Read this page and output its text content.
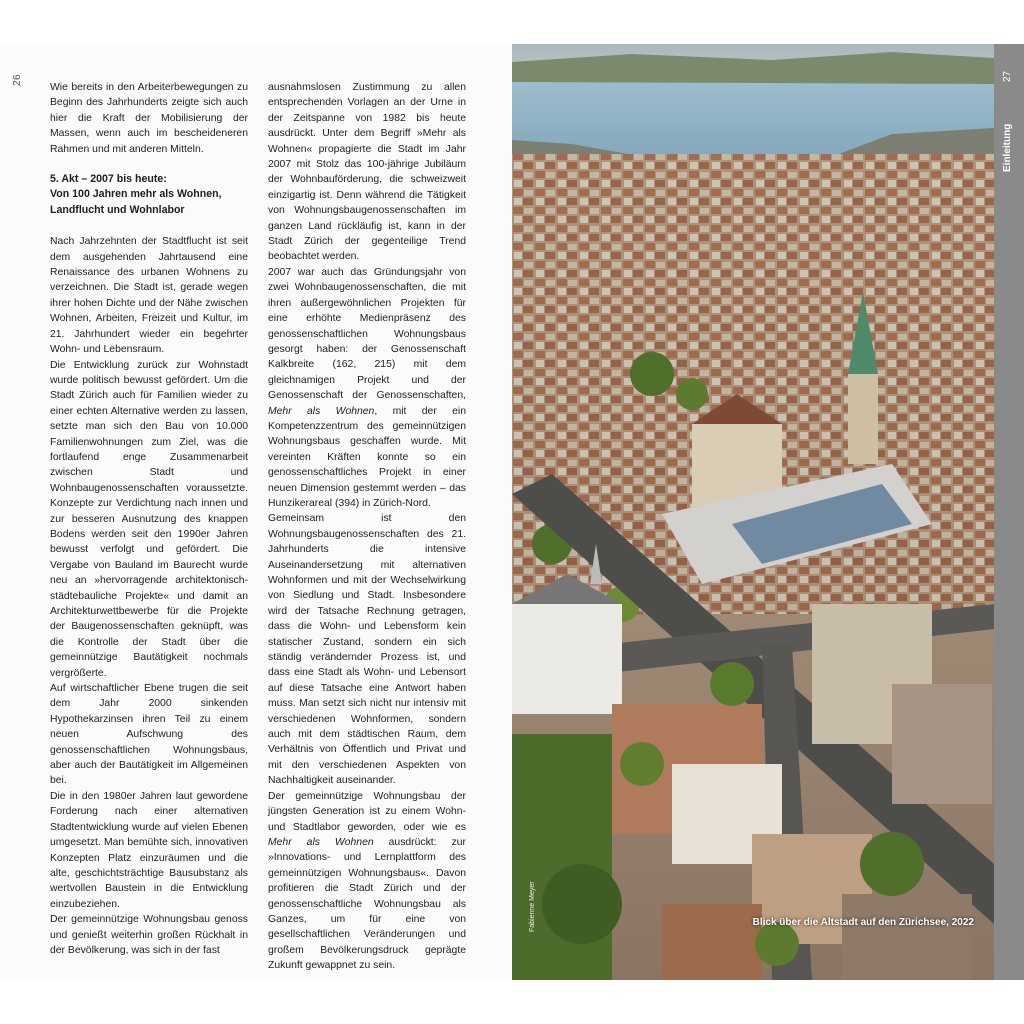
26

Wie bereits in den Arbeiterbewegungen zu Beginn des Jahrhunderts zeigte sich auch hier die Kraft der Mobilisierung der Massen, wenn auch im bescheideneren Rahmen und mit anderen Mitteln.

5. Akt – 2007 bis heute:
Von 100 Jahren mehr als Wohnen,
Landflucht und Wohnlabor

Nach Jahrzehnten der Stadtflucht ist seit dem ausgehenden Jahrtausend eine Renaissance des urbanen Wohnens zu verzeichnen. Die Stadt ist, gerade wegen ihrer hohen Dichte und der Nähe zwischen Wohnen, Arbeiten, Freizeit und Kultur, im 21. Jahrhundert wieder ein begehrter Wohn- und Lebensraum.

Die Entwicklung zurück zur Wohnstadt wurde politisch bewusst gefördert. Um die Stadt Zürich auch für Familien wieder zu einer echten Alternative werden zu lassen, setzte man sich den Bau von 10.000 Familienwohnungen zum Ziel, was die fortlaufend enge Zusammenarbeit zwischen Stadt und Wohnbaugenossenschaften voraussetzte. Konzepte zur Verdichtung nach innen und zur besseren Ausnutzung des knappen Bodens werden seit den 1990er Jahren bewusst verfolgt und gefördert. Die Vergabe von Bauland im Baurecht wurde neu an »hervorragende architektonisch-städtebauliche Projekte« und damit an Architekturwettbewerbe für die Projekte der Baugenossenschaften geknüpft, was die Kontrolle der Stadt über die gemeinnützige Bautätigkeit nochmals vergrößerte.

Auf wirtschaftlicher Ebene trugen die seit dem Jahr 2000 sinkenden Hypothekarzinsen ihren Teil zu einem neuen Aufschwung des genossenschaftlichen Wohnungsbaus, aber auch der Bautätigkeit im Allgemeinen bei.

Die in den 1980er Jahren laut gewordene Forderung nach einer alternativen Stadtentwicklung wurde auf vielen Ebenen umgesetzt. Man bemühte sich, innovativen Konzepten Platz einzuräumen und die alte, geschichtsträchtige Bausubstanz als wertvollen Baustein in die Entwicklung einzubeziehen.

Der gemeinnützige Wohnungsbau genoss und genießt weiterhin großen Rückhalt in der Bevölkerung, was sich in der fast

ausnahmslosen Zustimmung zu allen entsprechenden Vorlagen an der Urne in der Zeitspanne von 1982 bis heute ausdrückt. Unter dem Begriff »Mehr als Wohnen« propagierte die Stadt im Jahr 2007 mit Stolz das 100-jährige Jubiläum der Wohnbauförderung, die schweizweit einzigartig ist. Denn während die Tätigkeit von Wohnungsbaugenossenschaften im ganzen Land rückläufig ist, kann in der Stadt Zürich der gegenteilige Trend beobachtet werden.

2007 war auch das Gründungsjahr von zwei Wohnbaugenossenschaften, die mit ihren außergewöhnlichen Projekten für eine erhöhte Medienpräsenz des genossenschaftlichen Wohnungsbaus gesorgt haben: der Genossenschaft Kalkbreite (162, 215) mit dem gleichnamigen Projekt und der Genossenschaft der Genossenschaften, Mehr als Wohnen, mit der ein Kompetenzzentrum des gemeinnützigen Wohnungsbaus geschaffen wurde. Mit vereinten Kräften konnte so ein genossenschaftliches Projekt in einer neuen Dimension gestemmt werden – das Hunzikerareal (394) in Zürich-Nord.

Gemeinsam ist den Wohnungsbaugenossenschaften des 21. Jahrhunderts die intensive Auseinandersetzung mit alternativen Wohnformen und mit der Wechselwirkung von Siedlung und Stadt. Insbesondere wird der Tatsache Rechnung getragen, dass die Wohn- und Lebensform kein statischer Zustand, sondern ein sich ständig verändernder Prozess ist, und dass eine Stadt als Wohn- und Lebensort auf diese Tatsache eine Antwort haben muss. Man setzt sich nicht nur intensiv mit verschiedenen Wohnformen, sondern auch mit dem städtischen Raum, dem Verhältnis von Öffentlich und Privat und mit den verschiedenen Aspekten von Nachhaltigkeit auseinander.

Der gemeinnützige Wohnungsbau der jüngsten Generation ist zu einem Wohn- und Stadtlabor geworden, oder wie es Mehr als Wohnen ausdrückt: zur »Innovations- und Lernplattform des gemeinnützigen Wohnungsbaus«. Davon profitieren die Stadt Zürich und der genossenschaftliche Wohnungsbau als Ganzes, um für eine von gesellschaftlichen Veränderungen und großem Bevölkerungsdruck geprägte Zukunft gewappnet zu sein.

Fabienne Meyer	Blick über die Altstadt auf den Zürichsee, 2022
27
Einleitung
